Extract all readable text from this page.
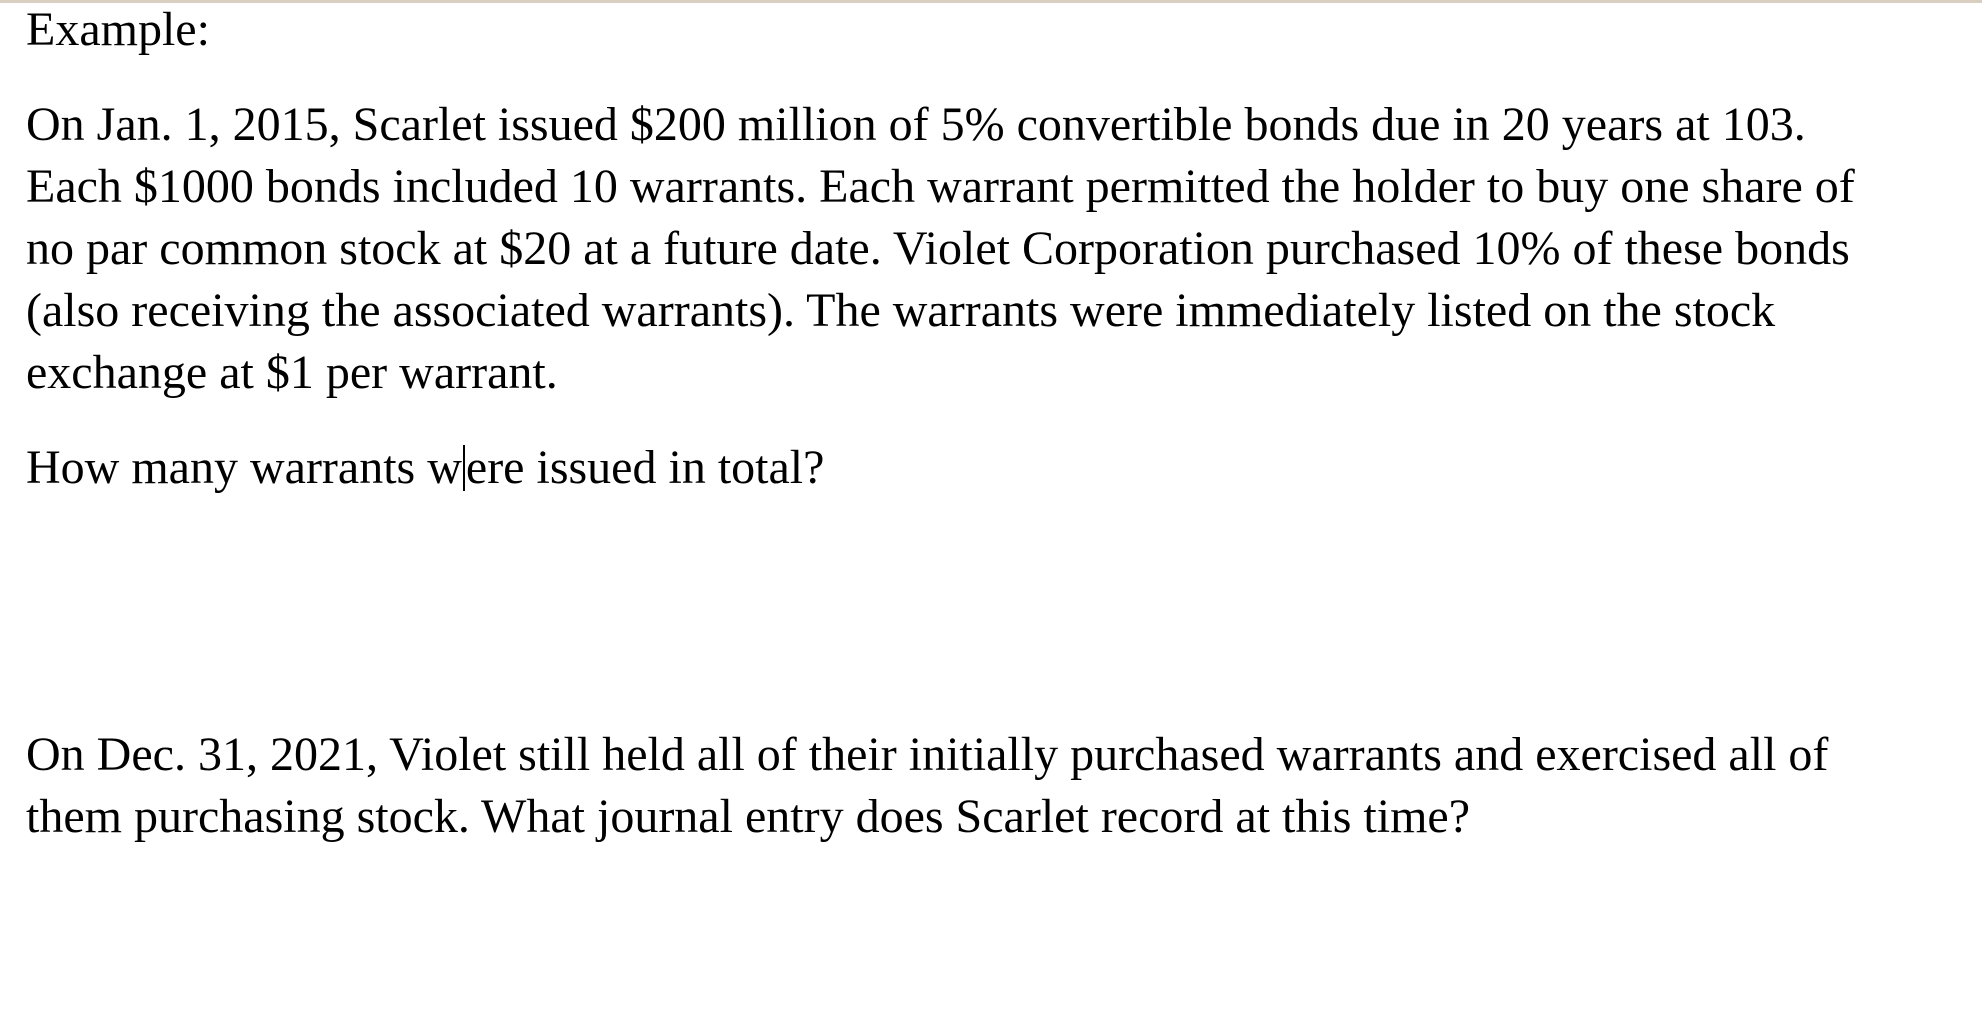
Example:

On Jan. 1, 2015, Scarlet issued $200 million of 5% convertible bonds due in 20 years at 103.
Each $1000 bonds included 10 warrants. Each warrant permitted the holder to buy one share of
no par common stock at $20 at a future date. Violet Corporation purchased 10% of these bonds
(also receiving the associated warrants). The warrants were immediately listed on the stock
exchange at $1 per warrant.

How many warrants were issued in total?

On Dec. 31, 2021, Violet still held all of their initially purchased warrants and exercised all of
them purchasing stock. What journal entry does Scarlet record at this time?
